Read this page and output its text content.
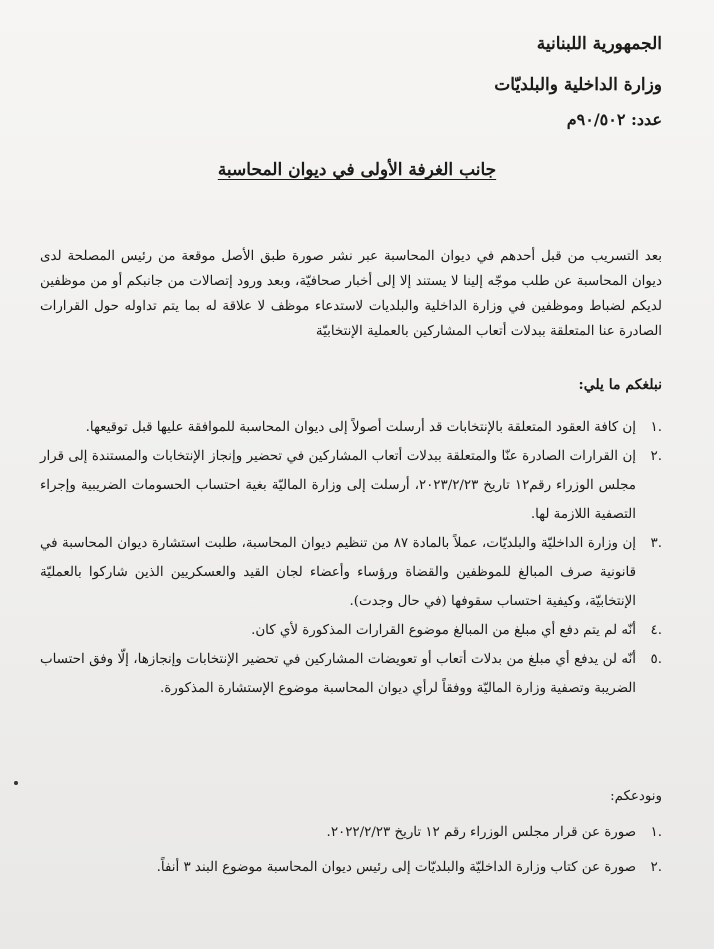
الجمهورية اللبنانية
وزارة الداخلية والبلديّات
عدد: ٩٠/٥٠٢م
جانب الغرفة الأولى في ديوان المحاسبة
بعد التسريب من قبل أحدهم في ديوان المحاسبة عبر نشر صورة طبق الأصل موقعة من رئيس المصلحة لدى ديوان المحاسبة عن طلب موجّه إلينا لا يستند إلا إلى أخبار صحافيّة، وبعد ورود إتصالات من جانبكم أو من موظفين لديكم لضباط وموظفين في وزارة الداخلية والبلديات لاستدعاء موظف لا علاقة له بما يتم تداوله حول القرارات الصادرة عنا المتعلقة ببدلات أتعاب المشاركين بالعملية الإنتخابيّة
نبلغكم ما يلي:
.١
إن كافة العقود المتعلقة بالإنتخابات قد أرسلت أصولاً إلى ديوان المحاسبة للموافقة عليها قبل توقيعها.
.٢
إن القرارات الصادرة عنّا والمتعلقة ببدلات أتعاب المشاركين في تحضير وإنجاز الإنتخابات والمستندة إلى قرار مجلس الوزراء رقم١٢ تاريخ ٢٠٢٣/٢/٢٣، أرسلت إلى وزارة الماليّة بغية احتساب الحسومات الضريبية وإجراء التصفية اللازمة لها.
.٣
إن وزارة الداخليّة والبلديّات، عملاً بالمادة ٨٧ من تنظيم ديوان المحاسبة، طلبت استشارة ديوان المحاسبة في قانونية صرف المبالغ للموظفين والقضاة ورؤساء وأعضاء لجان القيد والعسكريين الذين شاركوا بالعمليّة الإنتخابيّة، وكيفية احتساب سقوفها (في حال وجدت).
.٤
أنّه لم يتم دفع أي مبلغ من المبالغ موضوع القرارات المذكورة لأي كان.
.٥
أنّه لن يدفع أي مبلغ من بدلات أتعاب أو تعويضات المشاركين في تحضير الإنتخابات وإنجازها، إلّا وفق احتساب الضريبة وتصفية وزارة الماليّة ووفقاً لرأي ديوان المحاسبة موضوع الإستشارة المذكورة.
ونودعكم:
.١
صورة عن قرار مجلس الوزراء رقم ١٢ تاريخ ٢٠٢٢/٢/٢٣.
.٢
صورة عن كتاب وزارة الداخليّة والبلديّات إلى رئيس ديوان المحاسبة موضوع البند ٣ أنفاً.
